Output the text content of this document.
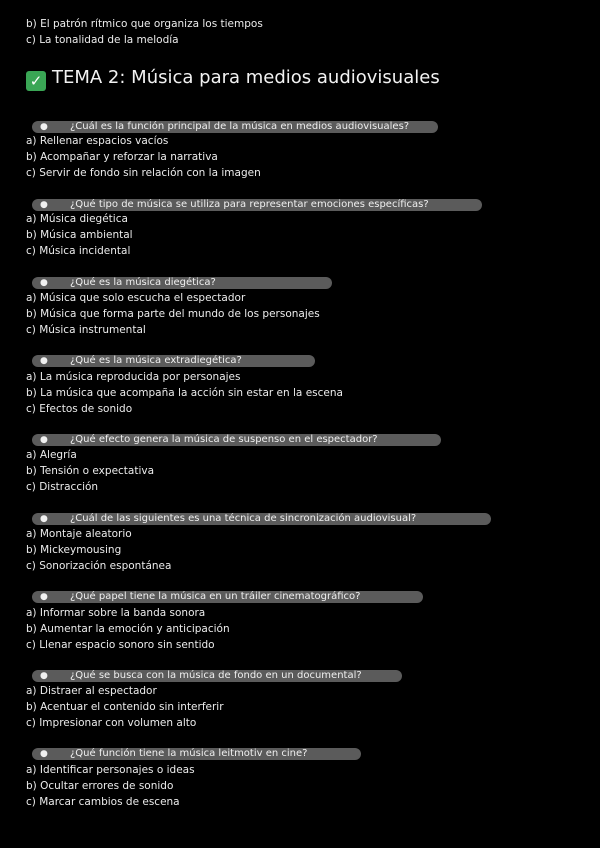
b) El patrón rítmico que organiza los tiempos
c) La tonalidad de la melodía
✓ TEMA 2: Música para medios audiovisuales
● ¿Cuál es la función principal de la música en medios audiovisuales?
a) Rellenar espacios vacíos
b) Acompañar y reforzar la narrativa
c) Servir de fondo sin relación con la imagen
● ¿Qué tipo de música se utiliza para representar emociones específicas?
a) Música diegética
b) Música ambiental
c) Música incidental
● ¿Qué es la música diegética?
a) Música que solo escucha el espectador
b) Música que forma parte del mundo de los personajes
c) Música instrumental
● ¿Qué es la música extradiegética?
a) La música reproducida por personajes
b) La música que acompaña la acción sin estar en la escena
c) Efectos de sonido
● ¿Qué efecto genera la música de suspenso en el espectador?
a) Alegría
b) Tensión o expectativa
c) Distracción
● ¿Cuál de las siguientes es una técnica de sincronización audiovisual?
a) Montaje aleatorio
b) Mickeymousing
c) Sonorización espontánea
● ¿Qué papel tiene la música en un tráiler cinematográfico?
a) Informar sobre la banda sonora
b) Aumentar la emoción y anticipación
c) Llenar espacio sonoro sin sentido
● ¿Qué se busca con la música de fondo en un documental?
a) Distraer al espectador
b) Acentuar el contenido sin interferir
c) Impresionar con volumen alto
● ¿Qué función tiene la música leitmotiv en cine?
a) Identificar personajes o ideas
b) Ocultar errores de sonido
c) Marcar cambios de escena
